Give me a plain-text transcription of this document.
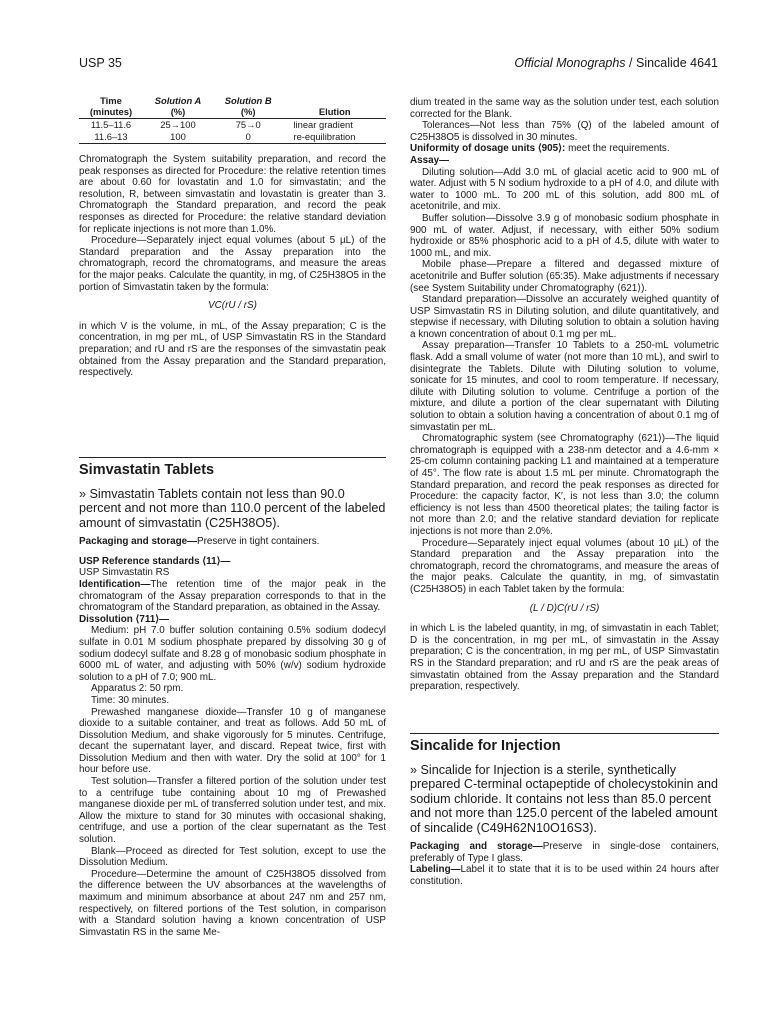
USP 35	Official Monographs / Sincalide 4641
Time	Solution A	Solution B	
(minutes)	(%)	(%)	Elution
11.5–11.6	25→100	75→0	linear gradient
11.6–13	100	0	re-equilibration

Chromatograph the System suitability preparation, and record the peak responses as directed for Procedure: the relative retention times are about 0.60 for lovastatin and 1.0 for simvastatin; and the resolution, R, between simvastatin and lovastatin is greater than 3. Chromatograph the Standard preparation, and record the peak responses as directed for Procedure: the relative standard deviation for replicate injections is not more than 1.0%.

Procedure—Separately inject equal volumes (about 5 µL) of the Standard preparation and the Assay preparation into the chromatograph, record the chromatograms, and measure the areas for the major peaks. Calculate the quantity, in mg, of C25H38O5 in the portion of Simvastatin taken by the formula:

VC(rU / rS)

in which V is the volume, in mL, of the Assay preparation; C is the concentration, in mg per mL, of USP Simvastatin RS in the Standard preparation; and rU and rS are the responses of the simvastatin peak obtained from the Assay preparation and the Standard preparation, respectively.

Simvastatin Tablets

» Simvastatin Tablets contain not less than 90.0 percent and not more than 110.0 percent of the labeled amount of simvastatin (C25H38O5).

Packaging and storage—Preserve in tight containers.

USP Reference standards ⟨11⟩—

USP Simvastatin RS

Identification—The retention time of the major peak in the chromatogram of the Assay preparation corresponds to that in the chromatogram of the Standard preparation, as obtained in the Assay.

Dissolution ⟨711⟩—

Medium: pH 7.0 buffer solution containing 0.5% sodium dodecyl sulfate in 0.01 M sodium phosphate prepared by dissolving 30 g of sodium dodecyl sulfate and 8.28 g of monobasic sodium phosphate in 6000 mL of water, and adjusting with 50% (w/v) sodium hydroxide solution to a pH of 7.0; 900 mL.

Apparatus 2: 50 rpm.

Time: 30 minutes.

Prewashed manganese dioxide—Transfer 10 g of manganese dioxide to a suitable container, and treat as follows. Add 50 mL of Dissolution Medium, and shake vigorously for 5 minutes. Centrifuge, decant the supernatant layer, and discard. Repeat twice, first with Dissolution Medium and then with water. Dry the solid at 100° for 1 hour before use.

Test solution—Transfer a filtered portion of the solution under test to a centrifuge tube containing about 10 mg of Prewashed manganese dioxide per mL of transferred solution under test, and mix. Allow the mixture to stand for 30 minutes with occasional shaking, centrifuge, and use a portion of the clear supernatant as the Test solution.

Blank—Proceed as directed for Test solution, except to use the Dissolution Medium.

Procedure—Determine the amount of C25H38O5 dissolved from the difference between the UV absorbances at the wavelengths of maximum and minimum absorbance at about 247 nm and 257 nm, respectively, on filtered portions of the Test solution, in comparison with a Standard solution having a known concentration of USP Simvastatin RS in the same Me-

dium treated in the same way as the solution under test, each solution corrected for the Blank.

Tolerances—Not less than 75% (Q) of the labeled amount of C25H38O5 is dissolved in 30 minutes.

Uniformity of dosage units ⟨905⟩: meet the requirements.

Assay—

Diluting solution—Add 3.0 mL of glacial acetic acid to 900 mL of water. Adjust with 5 N sodium hydroxide to a pH of 4.0, and dilute with water to 1000 mL. To 200 mL of this solution, add 800 mL of acetonitrile, and mix.

Buffer solution—Dissolve 3.9 g of monobasic sodium phosphate in 900 mL of water. Adjust, if necessary, with either 50% sodium hydroxide or 85% phosphoric acid to a pH of 4.5, dilute with water to 1000 mL, and mix.

Mobile phase—Prepare a filtered and degassed mixture of acetonitrile and Buffer solution (65:35). Make adjustments if necessary (see System Suitability under Chromatography ⟨621⟩).

Standard preparation—Dissolve an accurately weighed quantity of USP Simvastatin RS in Diluting solution, and dilute quantitatively, and stepwise if necessary, with Diluting solution to obtain a solution having a known concentration of about 0.1 mg per mL.

Assay preparation—Transfer 10 Tablets to a 250-mL volumetric flask. Add a small volume of water (not more than 10 mL), and swirl to disintegrate the Tablets. Dilute with Diluting solution to volume, sonicate for 15 minutes, and cool to room temperature. If necessary, dilute with Diluting solution to volume. Centrifuge a portion of the mixture, and dilute a portion of the clear supernatant with Diluting solution to obtain a solution having a concentration of about 0.1 mg of simvastatin per mL.

Chromatographic system (see Chromatography ⟨621⟩)—The liquid chromatograph is equipped with a 238-nm detector and a 4.6-mm × 25-cm column containing packing L1 and maintained at a temperature of 45°. The flow rate is about 1.5 mL per minute. Chromatograph the Standard preparation, and record the peak responses as directed for Procedure: the capacity factor, K′, is not less than 3.0; the column efficiency is not less than 4500 theoretical plates; the tailing factor is not more than 2.0; and the relative standard deviation for replicate injections is not more than 2.0%.

Procedure—Separately inject equal volumes (about 10 µL) of the Standard preparation and the Assay preparation into the chromatograph, record the chromatograms, and measure the areas of the major peaks. Calculate the quantity, in mg, of simvastatin (C25H38O5) in each Tablet taken by the formula:

(L / D)C(rU / rS)

in which L is the labeled quantity, in mg, of simvastatin in each Tablet; D is the concentration, in mg per mL, of simvastatin in the Assay preparation; C is the concentration, in mg per mL, of USP Simvastatin RS in the Standard preparation; and rU and rS are the peak areas of simvastatin obtained from the Assay preparation and the Standard preparation, respectively.

Sincalide for Injection

» Sincalide for Injection is a sterile, synthetically prepared C-terminal octapeptide of cholecystokinin and sodium chloride. It contains not less than 85.0 percent and not more than 125.0 percent of the labeled amount of sincalide (C49H62N10O16S3).

Packaging and storage—Preserve in single-dose containers, preferably of Type I glass.

Labeling—Label it to state that it is to be used within 24 hours after constitution.
